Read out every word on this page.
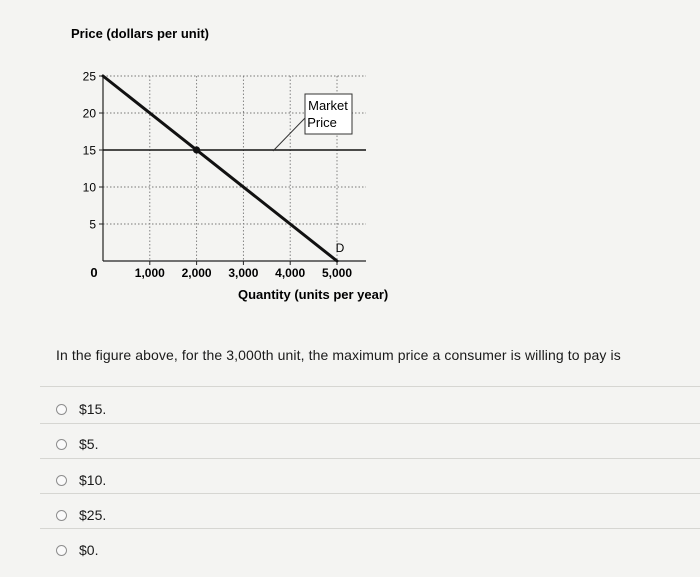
5
10
15
20
25
1,000 2,000 3,000 4,000 5,000
D
Price (dollars per unit)
Quantity (units per year)
0
Market
Price
In the figure above, for the 3,000th unit, the maximum price a consumer is willing to pay is
$15.
$5.
$10.
$25.
$0.
